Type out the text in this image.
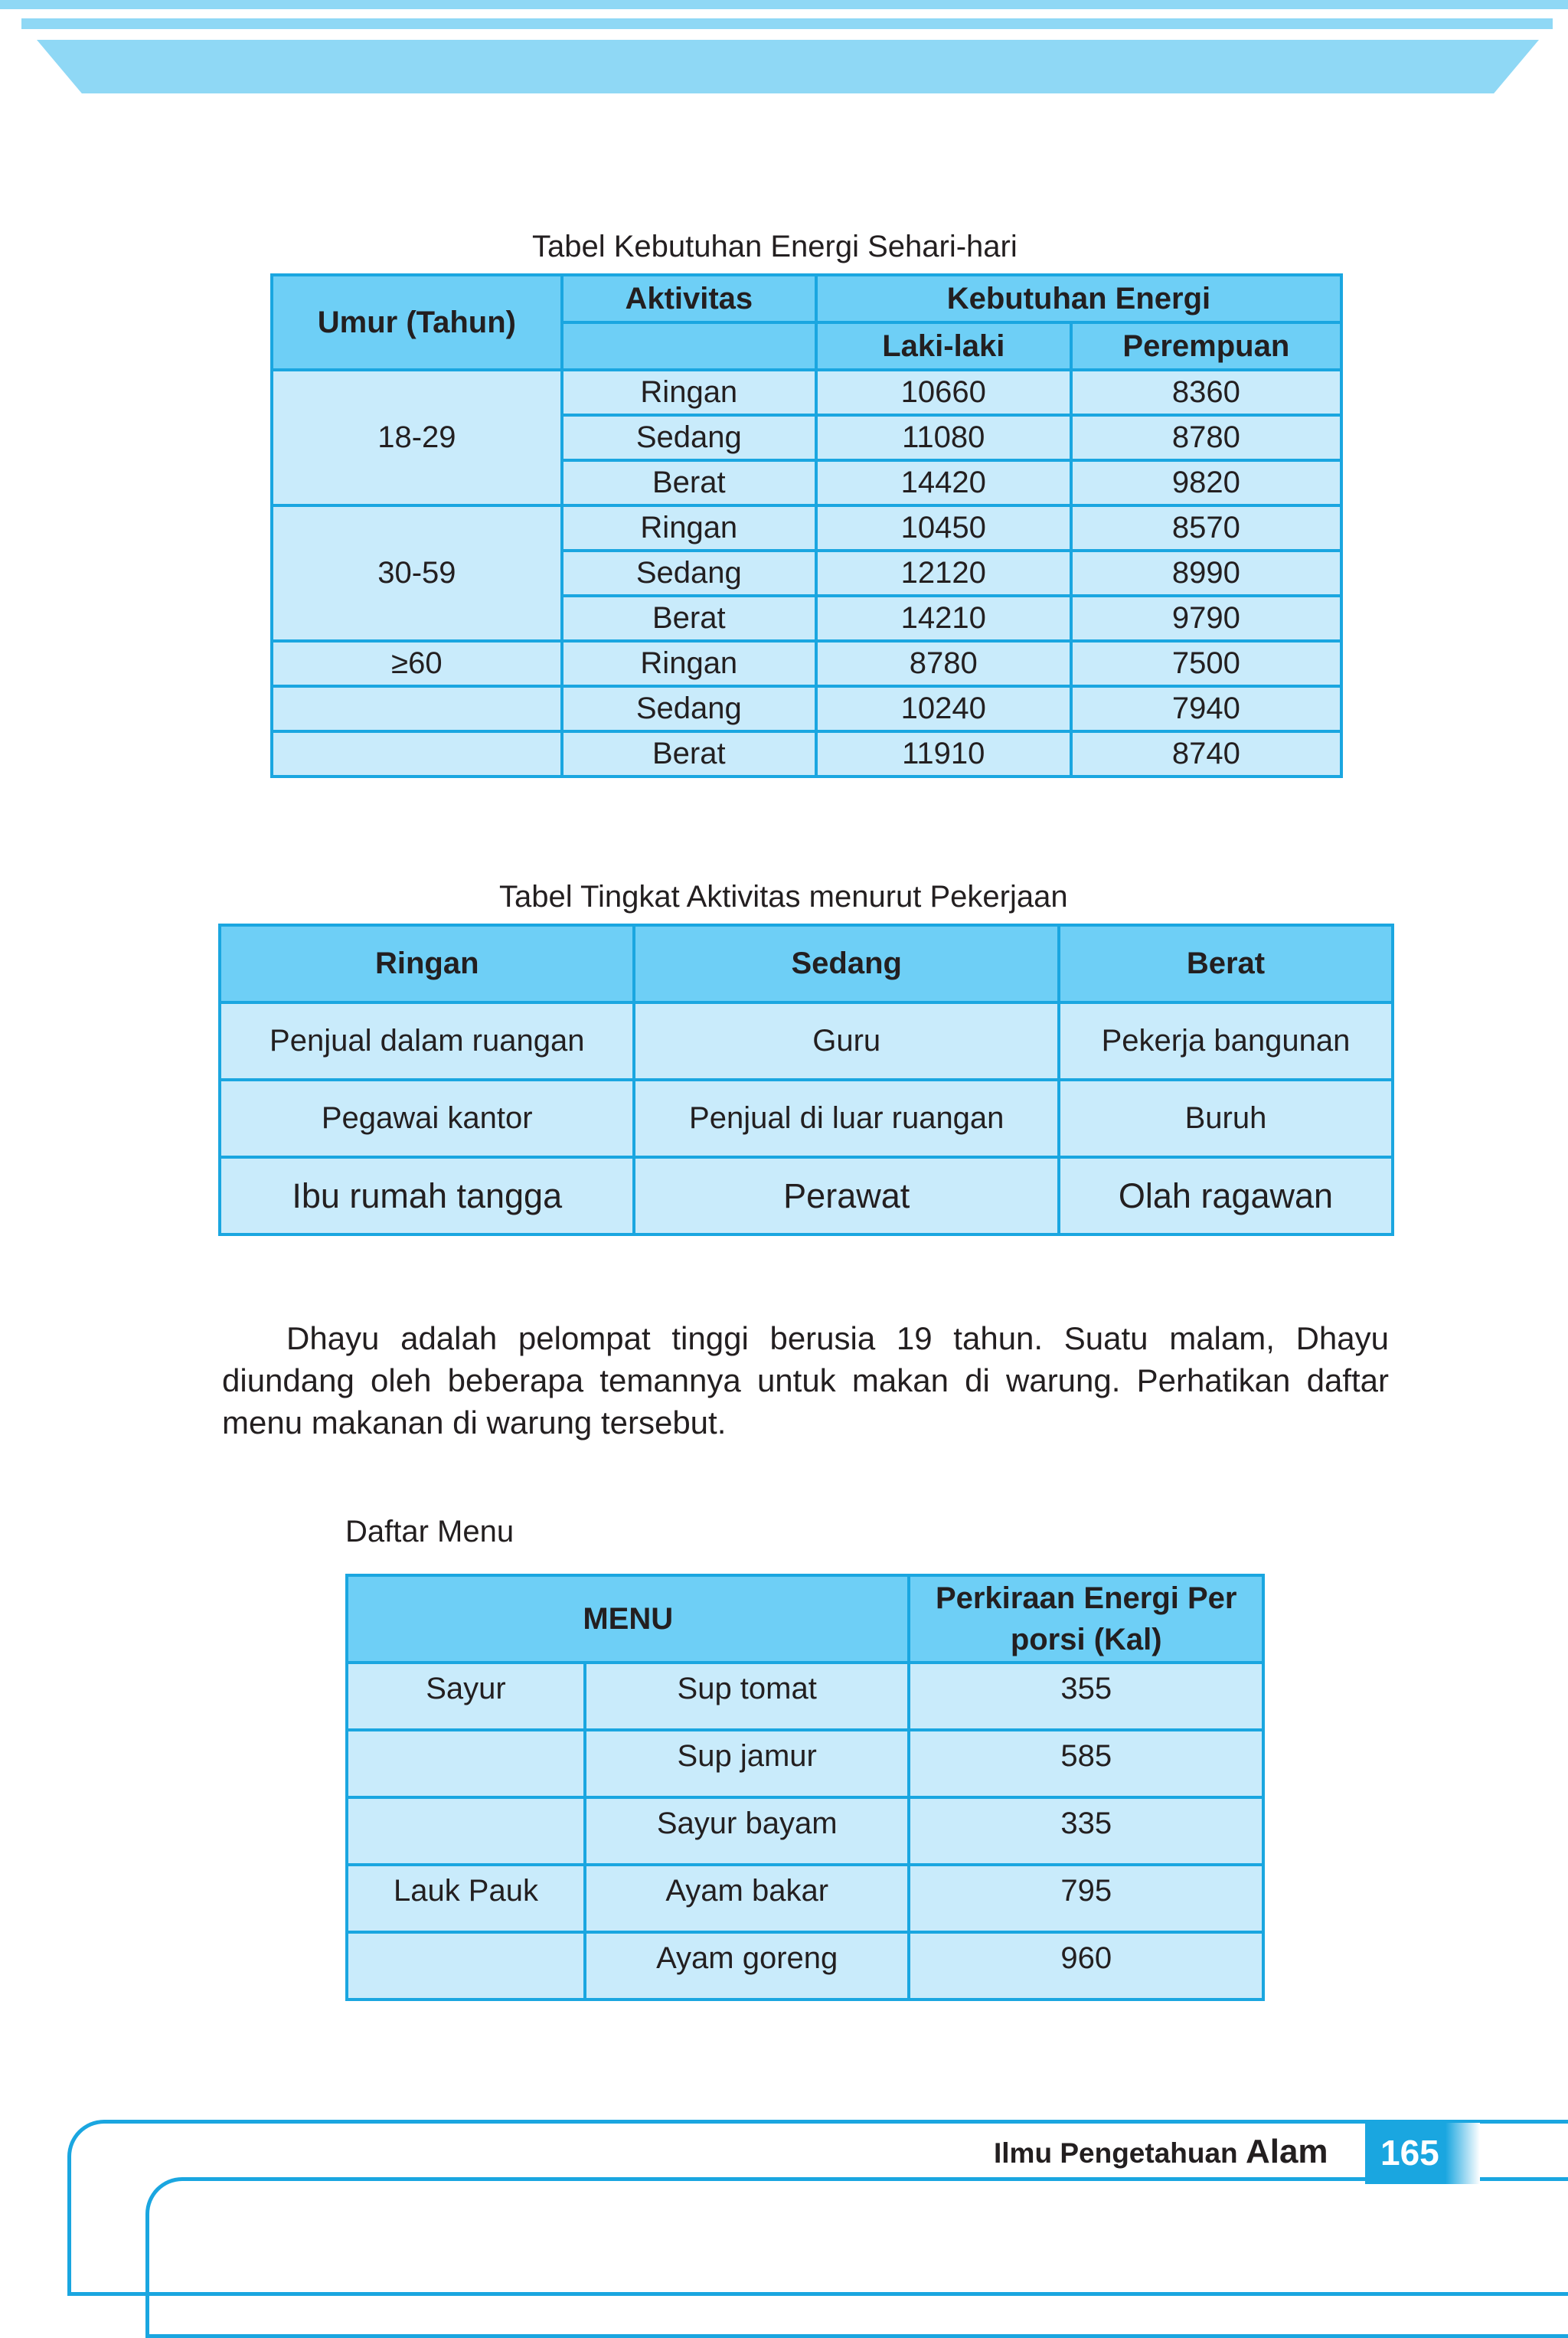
Tabel Kebutuhan Energi Sehari-hari
Umur (Tahun)	Aktivitas	Kebutuhan Energi	
		Laki-laki	Perempuan
18-29	Ringan	10660	8360
	Sedang	11080	8780
	Berat	14420	9820
30-59	Ringan	10450	8570
	Sedang	12120	8990
	Berat	14210	9790
≥60	Ringan	8780	7500
	Sedang	10240	7940
	Berat	11910	8740
Tabel Tingkat Aktivitas menurut Pekerjaan
Ringan	Sedang	Berat
Penjual dalam ruangan	Guru	Pekerja bangunan
Pegawai kantor	Penjual di luar ruangan	Buruh
Ibu rumah tangga	Perawat	Olah ragawan

Dhayu adalah pelompat tinggi berusia 19 tahun. Suatu malam, Dhayu diundang oleh beberapa temannya untuk makan di warung. Perhatikan daftar menu makanan di warung tersebut.

Daftar Menu
MENU		Perkiraan Energi Per porsi (Kal)
Sayur	Sup tomat	355
	Sup jamur	585
	Sayur bayam	335
Lauk Pauk	Ayam bakar	795
	Ayam goreng	960
Ilmu Pengetahuan Alam 165
